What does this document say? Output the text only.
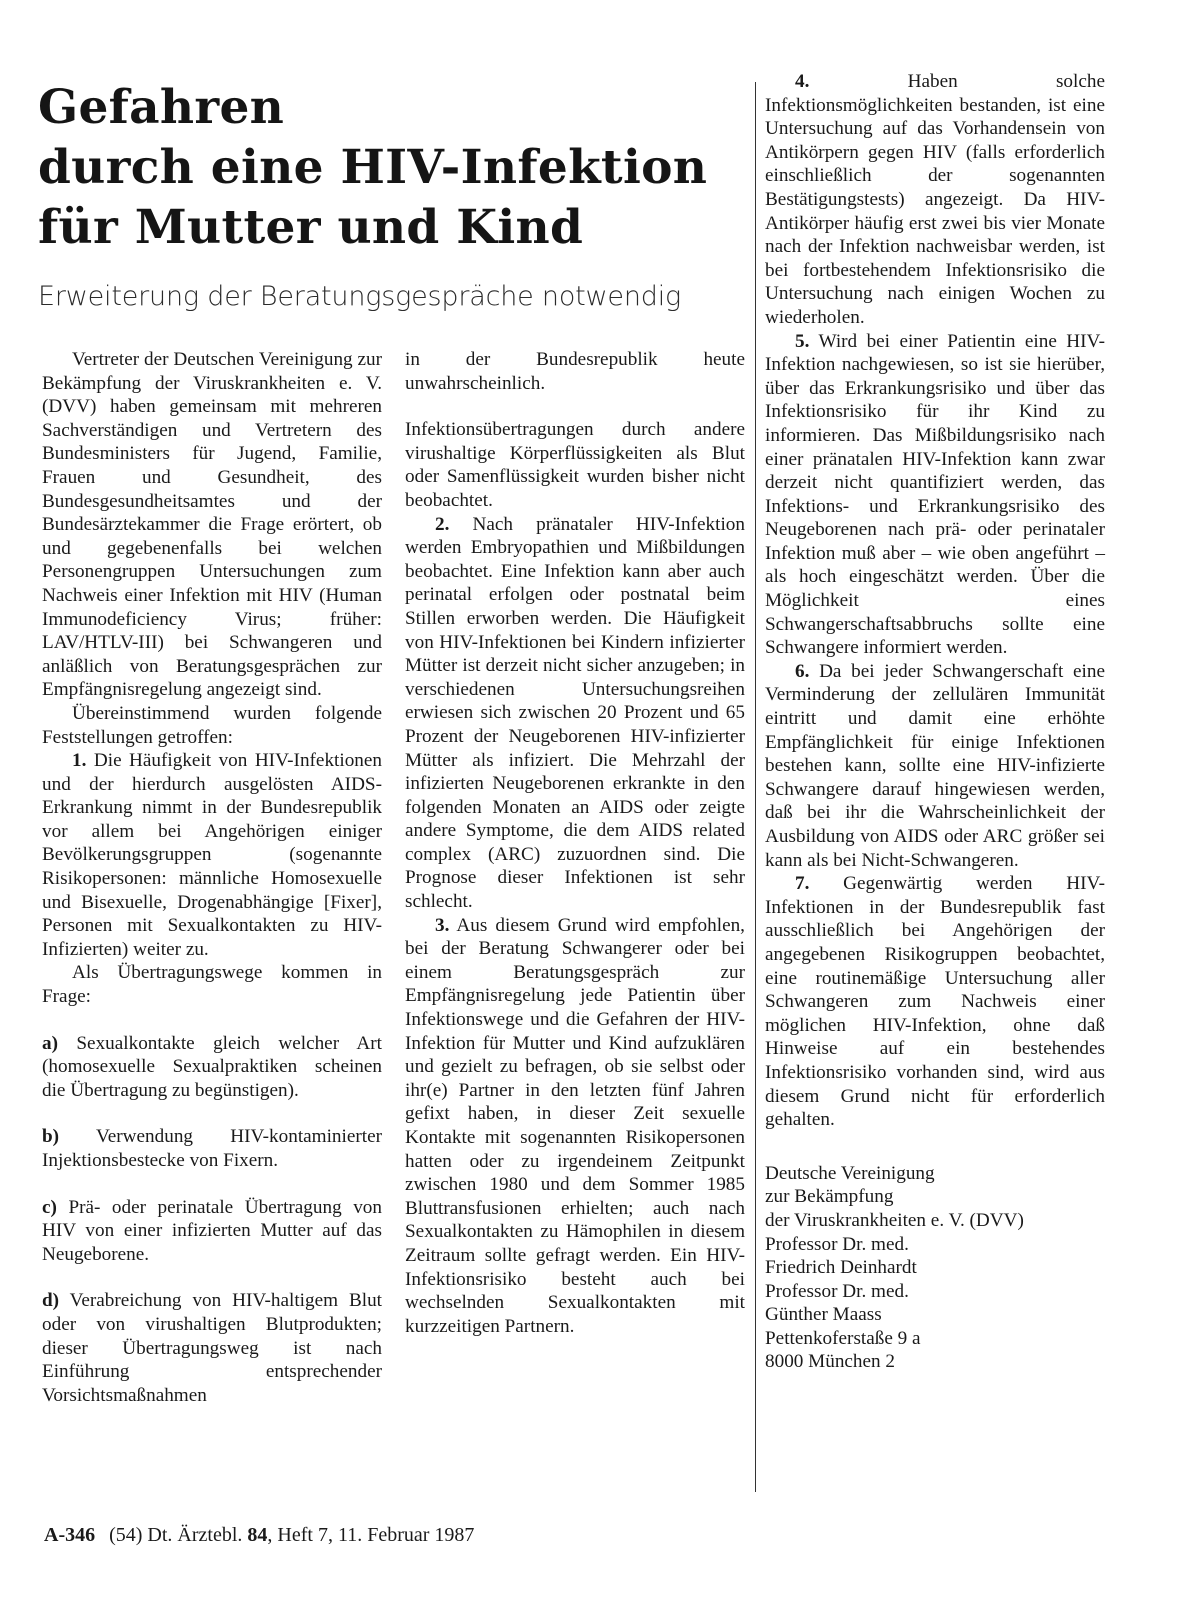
Gefahren
durch eine HIV-Infektion
für Mutter und Kind

Erweiterung der Beratungsgespräche notwendig

Vertreter der Deutschen Vereinigung zur Bekämpfung der Viruskrankheiten e. V. (DVV) haben gemeinsam mit mehreren Sachverständigen und Vertretern des Bundesministers für Jugend, Familie, Frauen und Gesundheit, des Bundesgesundheitsamtes und der Bundesärztekammer die Frage erörtert, ob und gegebenenfalls bei welchen Personengruppen Untersuchungen zum Nachweis einer Infektion mit HIV (Human Immunodeficiency Virus; früher: LAV/HTLV-III) bei Schwangeren und anläßlich von Beratungsgesprächen zur Empfängnisregelung angezeigt sind.

Übereinstimmend wurden folgende Feststellungen getroffen:

1. Die Häufigkeit von HIV-Infektionen und der hierdurch ausgelösten AIDS-Erkrankung nimmt in der Bundesrepublik vor allem bei Angehörigen einiger Bevölkerungsgruppen (sogenannte Risikopersonen: männliche Homosexuelle und Bisexuelle, Drogenabhängige [Fixer], Personen mit Sexualkontakten zu HIV-Infizierten) weiter zu.

Als Übertragungswege kommen in Frage:

a) Sexualkontakte gleich welcher Art (homosexuelle Sexualpraktiken scheinen die Übertragung zu begünstigen).

b) Verwendung HIV-kontaminierter Injektionsbestecke von Fixern.

c) Prä- oder perinatale Übertragung von HIV von einer infizierten Mutter auf das Neugeborene.

d) Verabreichung von HIV-haltigem Blut oder von virushaltigen Blutprodukten; dieser Übertragungsweg ist nach Einführung entsprechender Vorsichtsmaßnahmen

in der Bundesrepublik heute unwahrscheinlich.

Infektionsübertragungen durch andere virushaltige Körperflüssigkeiten als Blut oder Samenflüssigkeit wurden bisher nicht beobachtet.

2. Nach pränataler HIV-Infektion werden Embryopathien und Mißbildungen beobachtet. Eine Infektion kann aber auch perinatal erfolgen oder postnatal beim Stillen erworben werden. Die Häufigkeit von HIV-Infektionen bei Kindern infizierter Mütter ist derzeit nicht sicher anzugeben; in verschiedenen Untersuchungsreihen erwiesen sich zwischen 20 Prozent und 65 Prozent der Neugeborenen HIV-infizierter Mütter als infiziert. Die Mehrzahl der infizierten Neugeborenen erkrankte in den folgenden Monaten an AIDS oder zeigte andere Symptome, die dem AIDS related complex (ARC) zuzuordnen sind. Die Prognose dieser Infektionen ist sehr schlecht.

3. Aus diesem Grund wird empfohlen, bei der Beratung Schwangerer oder bei einem Beratungsgespräch zur Empfängnisregelung jede Patientin über Infektionswege und die Gefahren der HIV-Infektion für Mutter und Kind aufzuklären und gezielt zu befragen, ob sie selbst oder ihr(e) Partner in den letzten fünf Jahren gefixt haben, in dieser Zeit sexuelle Kontakte mit sogenannten Risikopersonen hatten oder zu irgendeinem Zeitpunkt zwischen 1980 und dem Sommer 1985 Bluttransfusionen erhielten; auch nach Sexualkontakten zu Hämophilen in diesem Zeitraum sollte gefragt werden. Ein HIV-Infektionsrisiko besteht auch bei wechselnden Sexualkontakten mit kurzzeitigen Partnern.

4.	Haben solche Infektionsmöglichkeiten bestanden, ist eine Untersuchung auf das Vorhandensein von Antikörpern gegen HIV (falls erforderlich einschließlich der sogenannten Bestätigungstests) angezeigt. Da HIV-Antikörper häufig erst zwei bis vier Monate nach der Infektion nachweisbar werden, ist bei fortbestehendem Infektionsrisiko die Untersuchung nach einigen Wochen zu wiederholen.

5. Wird bei einer Patientin eine HIV-Infektion nachgewiesen, so ist sie hierüber, über das Erkrankungsrisiko und über das Infektionsrisiko für ihr Kind zu informieren. Das Mißbildungsrisiko nach einer pränatalen HIV-Infektion kann zwar derzeit nicht quantifiziert werden, das Infektions- und Erkrankungsrisiko des Neugeborenen nach prä- oder perinataler Infektion muß aber – wie oben angeführt – als hoch eingeschätzt werden. Über die Möglichkeit eines Schwangerschaftsabbruchs sollte eine Schwangere informiert werden.

6. Da bei jeder Schwangerschaft eine Verminderung der zellulären Immunität eintritt und damit eine erhöhte Empfänglichkeit für einige Infektionen bestehen kann, sollte eine HIV-infizierte Schwangere darauf hingewiesen werden, daß bei ihr die Wahrscheinlichkeit der Ausbildung von AIDS oder ARC größer sei kann als bei Nicht-Schwangeren.

7. Gegenwärtig werden HIV-Infektionen in der Bundesrepublik fast ausschließlich bei Angehörigen der angegebenen Risikogruppen beobachtet, eine routinemäßige Untersuchung aller Schwangeren zum Nachweis einer möglichen HIV-Infektion, ohne daß Hinweise auf ein bestehendes Infektionsrisiko vorhanden sind, wird aus diesem Grund nicht für erforderlich gehalten.

Deutsche Vereinigung
zur Bekämpfung
der Viruskrankheiten e. V. (DVV)
Professor Dr. med.
Friedrich Deinhardt
Professor Dr. med.
Günther Maass
Pettenkoferstaße 9 a
8000 München 2
A-346 (54) Dt. Ärztebl. 84, Heft 7, 11. Februar 1987
